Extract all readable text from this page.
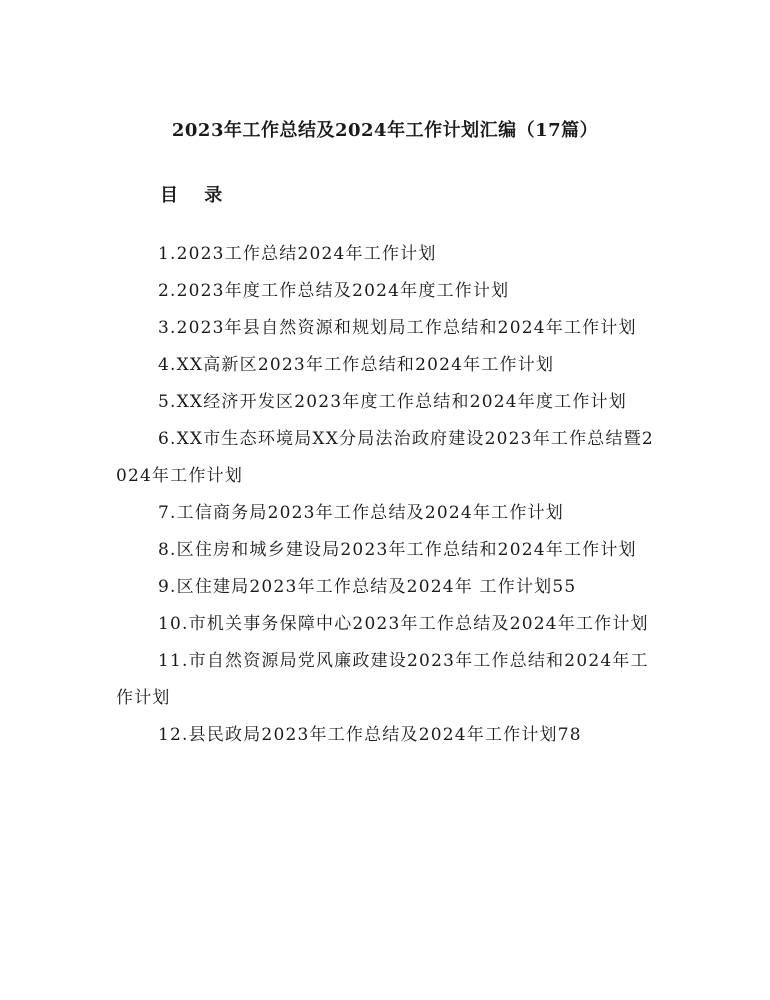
2023年工作总结及2024年工作计划汇编（17篇）
目 录
1.2023工作总结2024年工作计划
2.2023年度工作总结及2024年度工作计划
3.2023年县自然资源和规划局工作总结和2024年工作计划
4.XX高新区2023年工作总结和2024年工作计划
5.XX经济开发区2023年度工作总结和2024年度工作计划
6.XX市生态环境局XX分局法治政府建设2023年工作总结暨2024年工作计划
7.工信商务局2023年工作总结及2024年工作计划
8.区住房和城乡建设局2023年工作总结和2024年工作计划
9.区住建局2023年工作总结及2024年 工作计划55
10.市机关事务保障中心2023年工作总结及2024年工作计划
11.市自然资源局党风廉政建设2023年工作总结和2024年工作计划
12.县民政局2023年工作总结及2024年工作计划78
